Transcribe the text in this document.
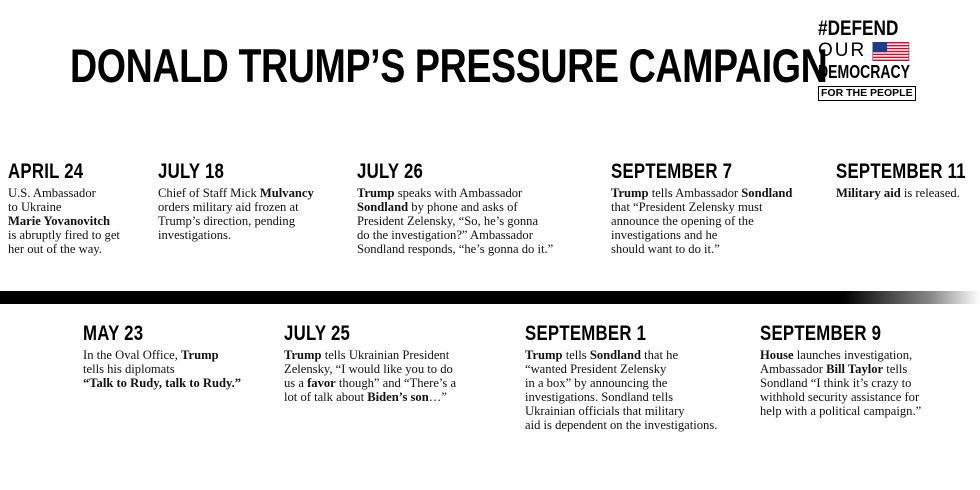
DONALD TRUMP’S PRESSURE CAMPAIGN
#DEFEND
OUR
DEMOCRACY
FOR THE PEOPLE
APRIL 24
U.S. Ambassador
to Ukraine
Marie Yovanovitch
is abruptly fired to get
her out of the way.
JULY 18
Chief of Staff Mick Mulvancy
orders military aid frozen at
Trump’s direction, pending
investigations.
JULY 26
Trump speaks with Ambassador
Sondland by phone and asks of
President Zelensky, “So, he’s gonna
do the investigation?” Ambassador
Sondland responds, “he’s gonna do it.”
SEPTEMBER 7
Trump tells Ambassador Sondland
that “President Zelensky must
announce the opening of the
investigations and he
should want to do it.”
SEPTEMBER 11
Military aid is released.
MAY 23
In the Oval Office, Trump
tells his diplomats
“Talk to Rudy, talk to Rudy.”
JULY 25
Trump tells Ukrainian President
Zelensky, “I would like you to do
us a favor though” and “There’s a
lot of talk about Biden’s son…”
SEPTEMBER 1
Trump tells Sondland that he
“wanted President Zelensky
in a box” by announcing the
investigations. Sondland tells
Ukrainian officials that military
aid is dependent on the investigations.
SEPTEMBER 9
House launches investigation,
Ambassador Bill Taylor tells
Sondland “I think it’s crazy to
withhold security assistance for
help with a political campaign.”
